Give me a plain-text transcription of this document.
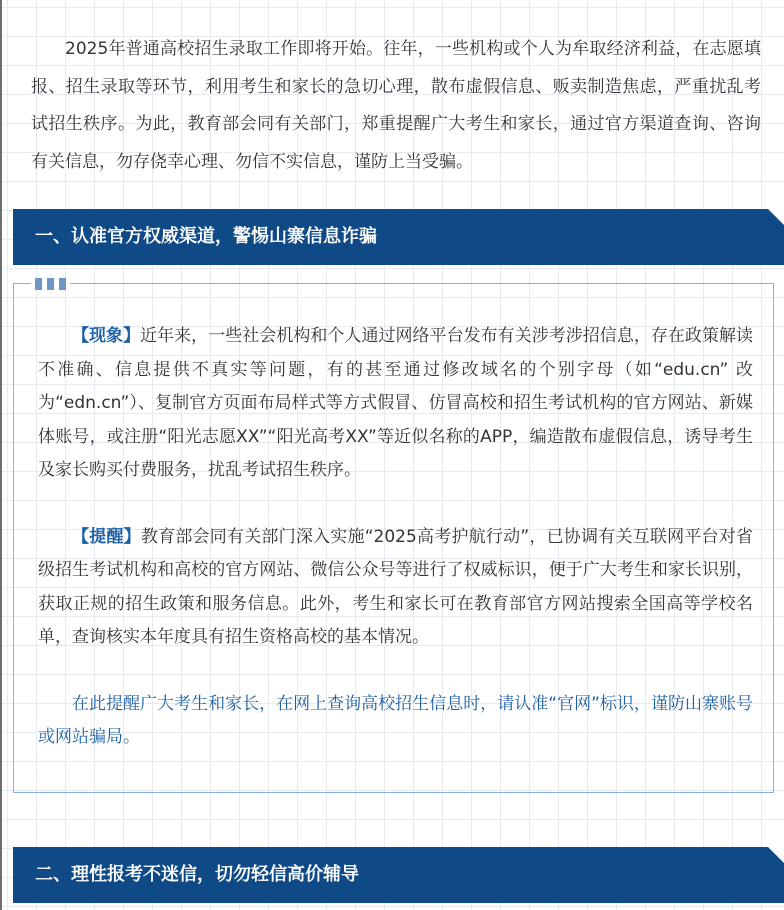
2025年普通高校招生录取工作即将开始。往年，一些机构或个人为牟取经济利益，在志愿填报、招生录取等环节，利用考生和家长的急切心理，散布虚假信息、贩卖制造焦虑，严重扰乱考试招生秩序。为此，教育部会同有关部门，郑重提醒广大考生和家长，通过官方渠道查询、咨询有关信息，勿存侥幸心理、勿信不实信息，谨防上当受骗。

一、认准官方权威渠道，警惕山寨信息诈骗

【现象】近年来，一些社会机构和个人通过网络平台发布有关涉考涉招信息，存在政策解读不准确、信息提供不真实等问题，有的甚至通过修改域名的个别字母（如“edu.cn” 改为“edn.cn”）、复制官方页面布局样式等方式假冒、仿冒高校和招生考试机构的官方网站、新媒体账号，或注册“阳光志愿XX”“阳光高考XX”等近似名称的APP，编造散布虚假信息，诱导考生及家长购买付费服务，扰乱考试招生秩序。

【提醒】教育部会同有关部门深入实施“2025高考护航行动”，已协调有关互联网平台对省级招生考试机构和高校的官方网站、微信公众号等进行了权威标识，便于广大考生和家长识别，获取正规的招生政策和服务信息。此外，考生和家长可在教育部官方网站搜索全国高等学校名单，查询核实本年度具有招生资格高校的基本情况。

在此提醒广大考生和家长，在网上查询高校招生信息时，请认准“官网”标识，谨防山寨账号或网站骗局。

二、理性报考不迷信，切勿轻信高价辅导
